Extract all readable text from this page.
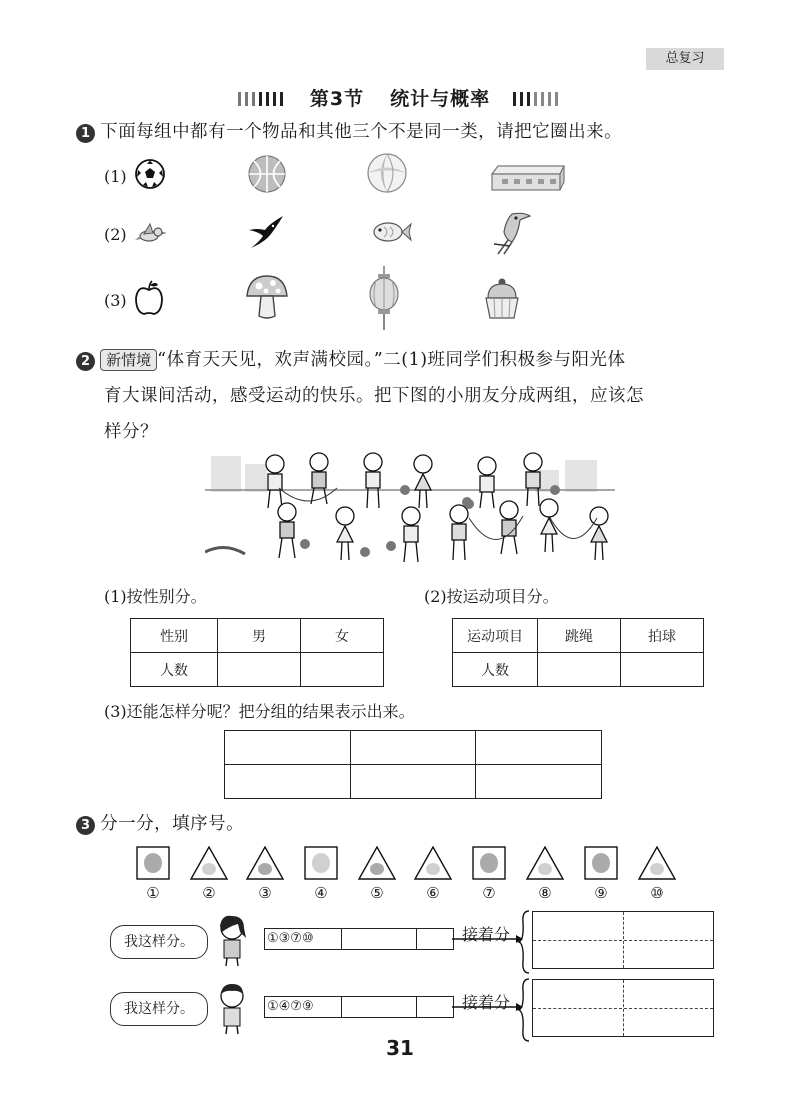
总复习
第3节 统计与概率
1 下面每组中都有一个物品和其他三个不是同一类，请把它圈出来。
(1)
(2)
(3)
2 新情境 “体育天天见，欢声满校园。”二(1)班同学们积极参与阳光体
育大课间活动，感受运动的快乐。把下图的小朋友分成两组，应该怎
样分？
(1)按性别分。	(2)按运动项目分。
性别	男	女
人数		
运动项目	跳绳	拍球
人数		
(3)还能怎样分呢？把分组的结果表示出来。

3 分一分，填序号。
①	②	③	④	⑤	⑥	⑦	⑧	⑨	⑩
我这样分。	①③⑦⑩	接着分
我这样分。	①④⑦⑨	接着分
31
